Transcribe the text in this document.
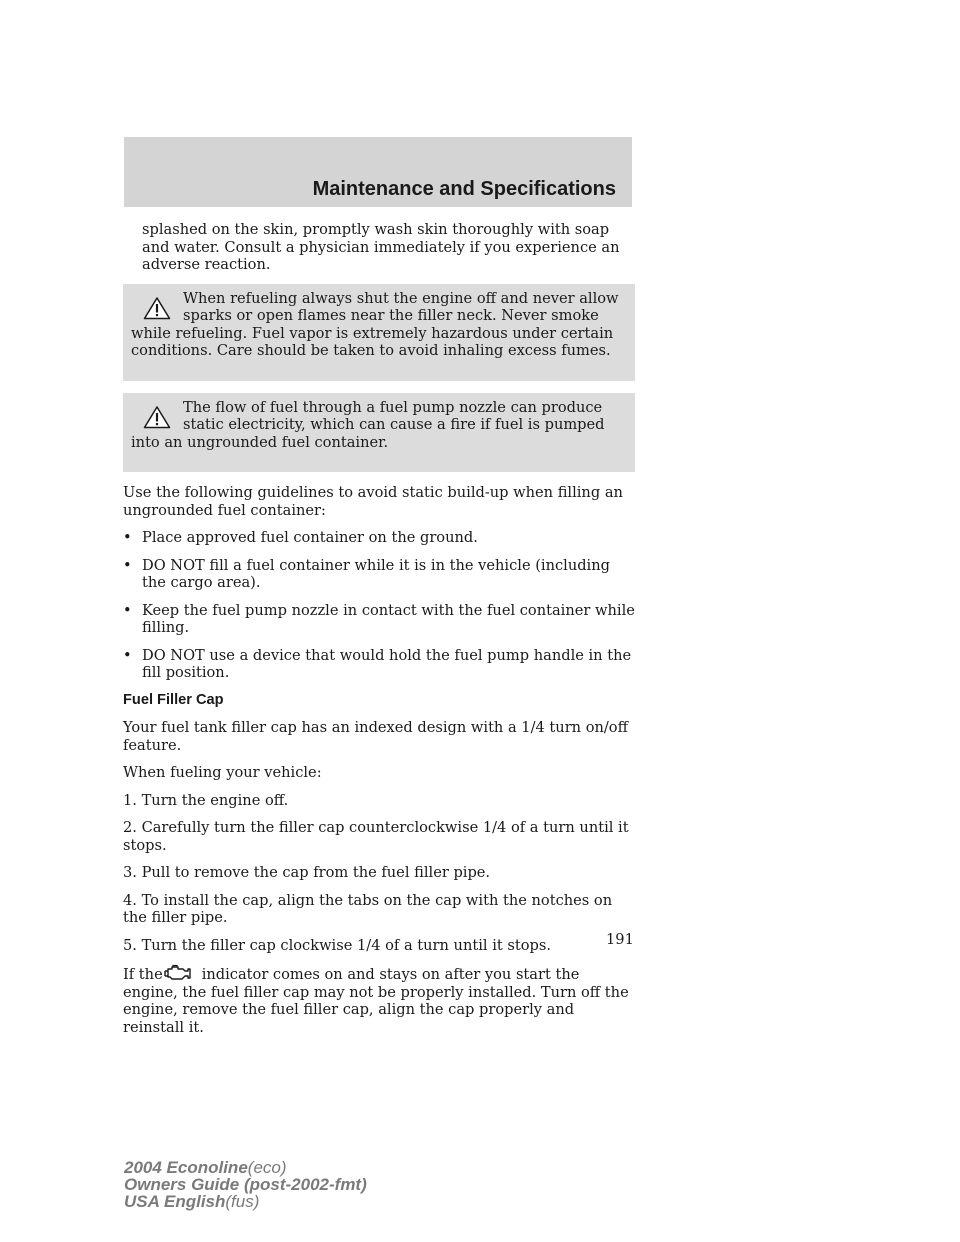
Maintenance and Specifications

splashed on the skin, promptly wash skin thoroughly with soap and water. Consult a physician immediately if you experience an adverse reaction.

When refueling always shut the engine off and never allow sparks or open flames near the filler neck. Never smoke while refueling. Fuel vapor is extremely hazardous under certain conditions. Care should be taken to avoid inhaling excess fumes.

The flow of fuel through a fuel pump nozzle can produce static electricity, which can cause a fire if fuel is pumped into an ungrounded fuel container.

Use the following guidelines to avoid static build-up when filling an ungrounded fuel container:

• Place approved fuel container on the ground.
• DO NOT fill a fuel container while it is in the vehicle (including the cargo area).
• Keep the fuel pump nozzle in contact with the fuel container while filling.
• DO NOT use a device that would hold the fuel pump handle in the fill position.
Fuel Filler Cap

Your fuel tank filler cap has an indexed design with a 1/4 turn on/off feature.

When fueling your vehicle:

1. Turn the engine off.
2. Carefully turn the filler cap counterclockwise 1/4 of a turn until it stops.
3. Pull to remove the cap from the fuel filler pipe.
4. To install the cap, align the tabs on the cap with the notches on the filler pipe.
5. Turn the filler cap clockwise 1/4 of a turn until it stops.

If the	indicator comes on and stays on after you start the engine, the fuel filler cap may not be properly installed. Turn off the engine, remove the fuel filler cap, align the cap properly and reinstall it.

191
2004 Econoline(eco)
Owners Guide (post-2002-fmt)
USA English(fus)
